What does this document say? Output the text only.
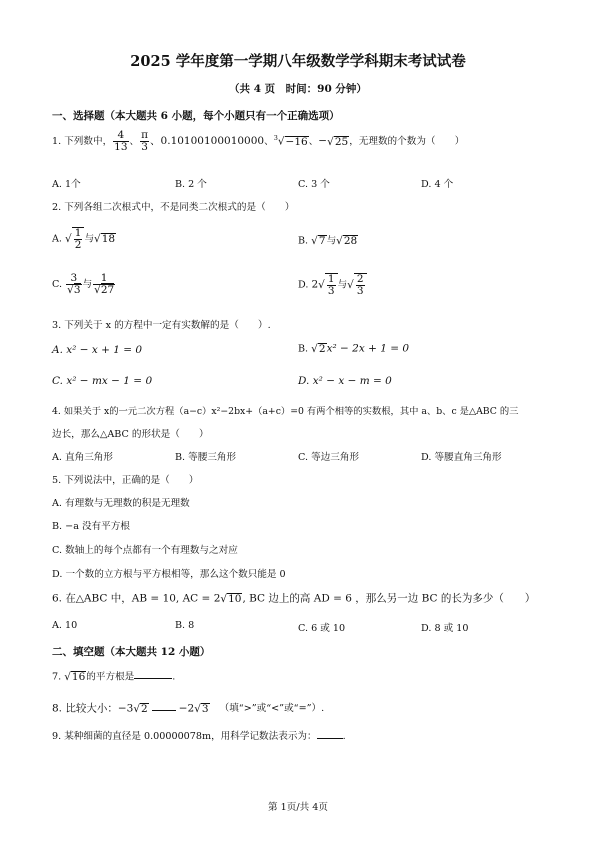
2025 学年度第一学期八年级数学学科期末考试试卷
（共 4 页　时间：90 分钟）
一、选择题（本大题共 6 小题，每个小题只有一个正确选项）
1. 下列数中， $\frac{4}{13}$ 、 $\frac{\pi}{3}$ 、0.10100100010000、$^3$√−16、−√25，无理数的个数为（　　）
A. 1个	B. 2 个	C. 3 个	D. 4 个
2. 下列各组二次根式中，不是同类二次根式的是（　　）
A. √ $\frac{1}{2}$ 与√18	B. √7与√28
C. $\frac{3}{√3}$ 与 $\frac{1}{√27}$	D. $2√ \frac{1}{3}$ 与√ $\frac{2}{3}$
3. 下列关于 x 的方程中一定有实数解的是（　　）.
A. x² − x + 1 = 0	B. √2x² − 2x + 1 = 0
C. x² − mx − 1 = 0	D. x² − x − m = 0
4. 如果关于 x的一元二次方程（a−c）x²−2bx+（a+c）=0 有两个相等的实数根，其中 a、b、c 是△ABC 的三
边长，那么△ABC 的形状是（　　）
A. 直角三角形	B. 等腰三角形	C. 等边三角形	D. 等腰直角三角形
5. 下列说法中，正确的是（　　）
A. 有理数与无理数的积是无理数
B. −a 没有平方根
C. 数轴上的每个点都有一个有理数与之对应
D. 一个数的立方根与平方根相等，那么这个数只能是 0
6. 在△ABC 中，AB = 10, AC = 2√10, BC 边上的高 AD = 6 ，那么另一边 BC 的长为多少（　　）
A. 10	B. 8	C. 6 或 10	D. 8 或 10
二、填空题（本大题共 12 小题）
7. √16的平方根是	.
8. 比较大小：−3√2	−2√3 （填“>”或“<”或“=”）.
9. 某种细菌的直径是 0.00000078m，用科学记数法表示为：	.
第 1页/共 4页
